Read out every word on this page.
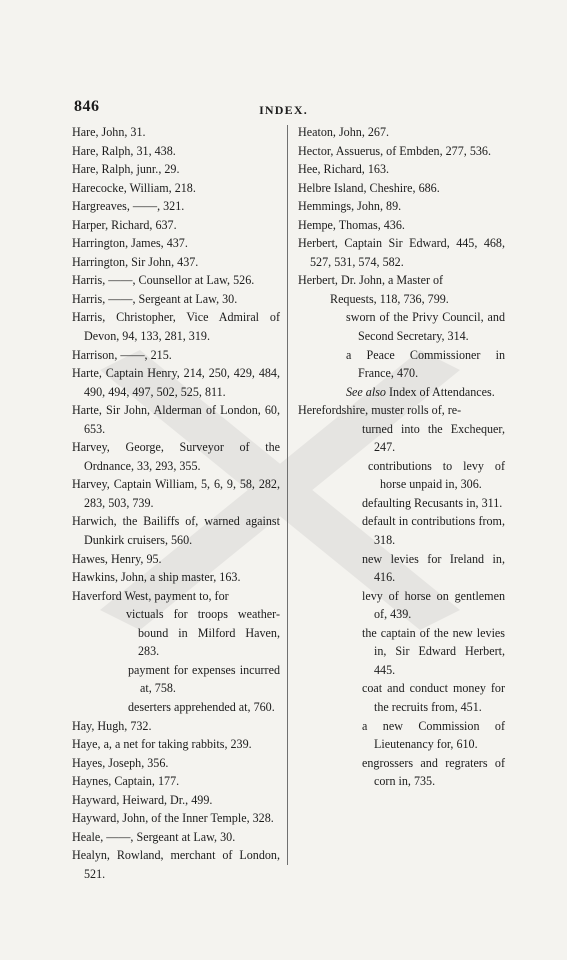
846	INDEX.

Hare, John, 31.

Hare, Ralph, 31, 438.

Hare, Ralph, junr., 29.

Harecocke, William, 218.

Hargreaves, ——, 321.

Harper, Richard, 637.

Harrington, James, 437.

Harrington, Sir John, 437.

Harris, ——, Counsellor at Law, 526.

Harris, ——, Sergeant at Law, 30.

Harris, Christopher, Vice Admiral of Devon, 94, 133, 281, 319.

Harrison, ——, 215.

Harte, Captain Henry, 214, 250, 429, 484, 490, 494, 497, 502, 525, 811.

Harte, Sir John, Alderman of London, 60, 653.

Harvey, George, Surveyor of the Ordnance, 33, 293, 355.

Harvey, Captain William, 5, 6, 9, 58, 282, 283, 503, 739.

Harwich, the Bailiffs of, warned against Dunkirk cruisers, 560.

Hawes, Henry, 95.

Hawkins, John, a ship master, 163.

Haverford West, payment to, for

victuals for troops weather-bound in Milford Haven, 283.

payment for expenses incurred at, 758.

deserters apprehended at, 760.

Hay, Hugh, 732.

Haye, a, a net for taking rabbits, 239.

Hayes, Joseph, 356.

Haynes, Captain, 177.

Hayward, Heiward, Dr., 499.

Hayward, John, of the Inner Temple, 328.

Heale, ——, Sergeant at Law, 30.

Healyn, Rowland, merchant of London, 521.

Heaton, John, 267.

Hector, Assuerus, of Embden, 277, 536.

Hee, Richard, 163.

Helbre Island, Cheshire, 686.

Hemmings, John, 89.

Hempe, Thomas, 436.

Herbert, Captain Sir Edward, 445, 468, 527, 531, 574, 582.

Herbert, Dr. John, a Master of

Requests, 118, 736, 799.

sworn of the Privy Council, and Second Secretary, 314.

a Peace Commissioner in France, 470.

See also Index of Attendances.

Herefordshire, muster rolls of, re-

turned into the Exchequer, 247.

contributions to levy of horse unpaid in, 306.

defaulting Recusants in, 311.

default in contributions from, 318.

new levies for Ireland in, 416.

levy of horse on gentlemen of, 439.

the captain of the new levies in, Sir Edward Herbert, 445.

coat and conduct money for the recruits from, 451.

a new Commission of Lieutenancy for, 610.

engrossers and regraters of corn in, 735.
